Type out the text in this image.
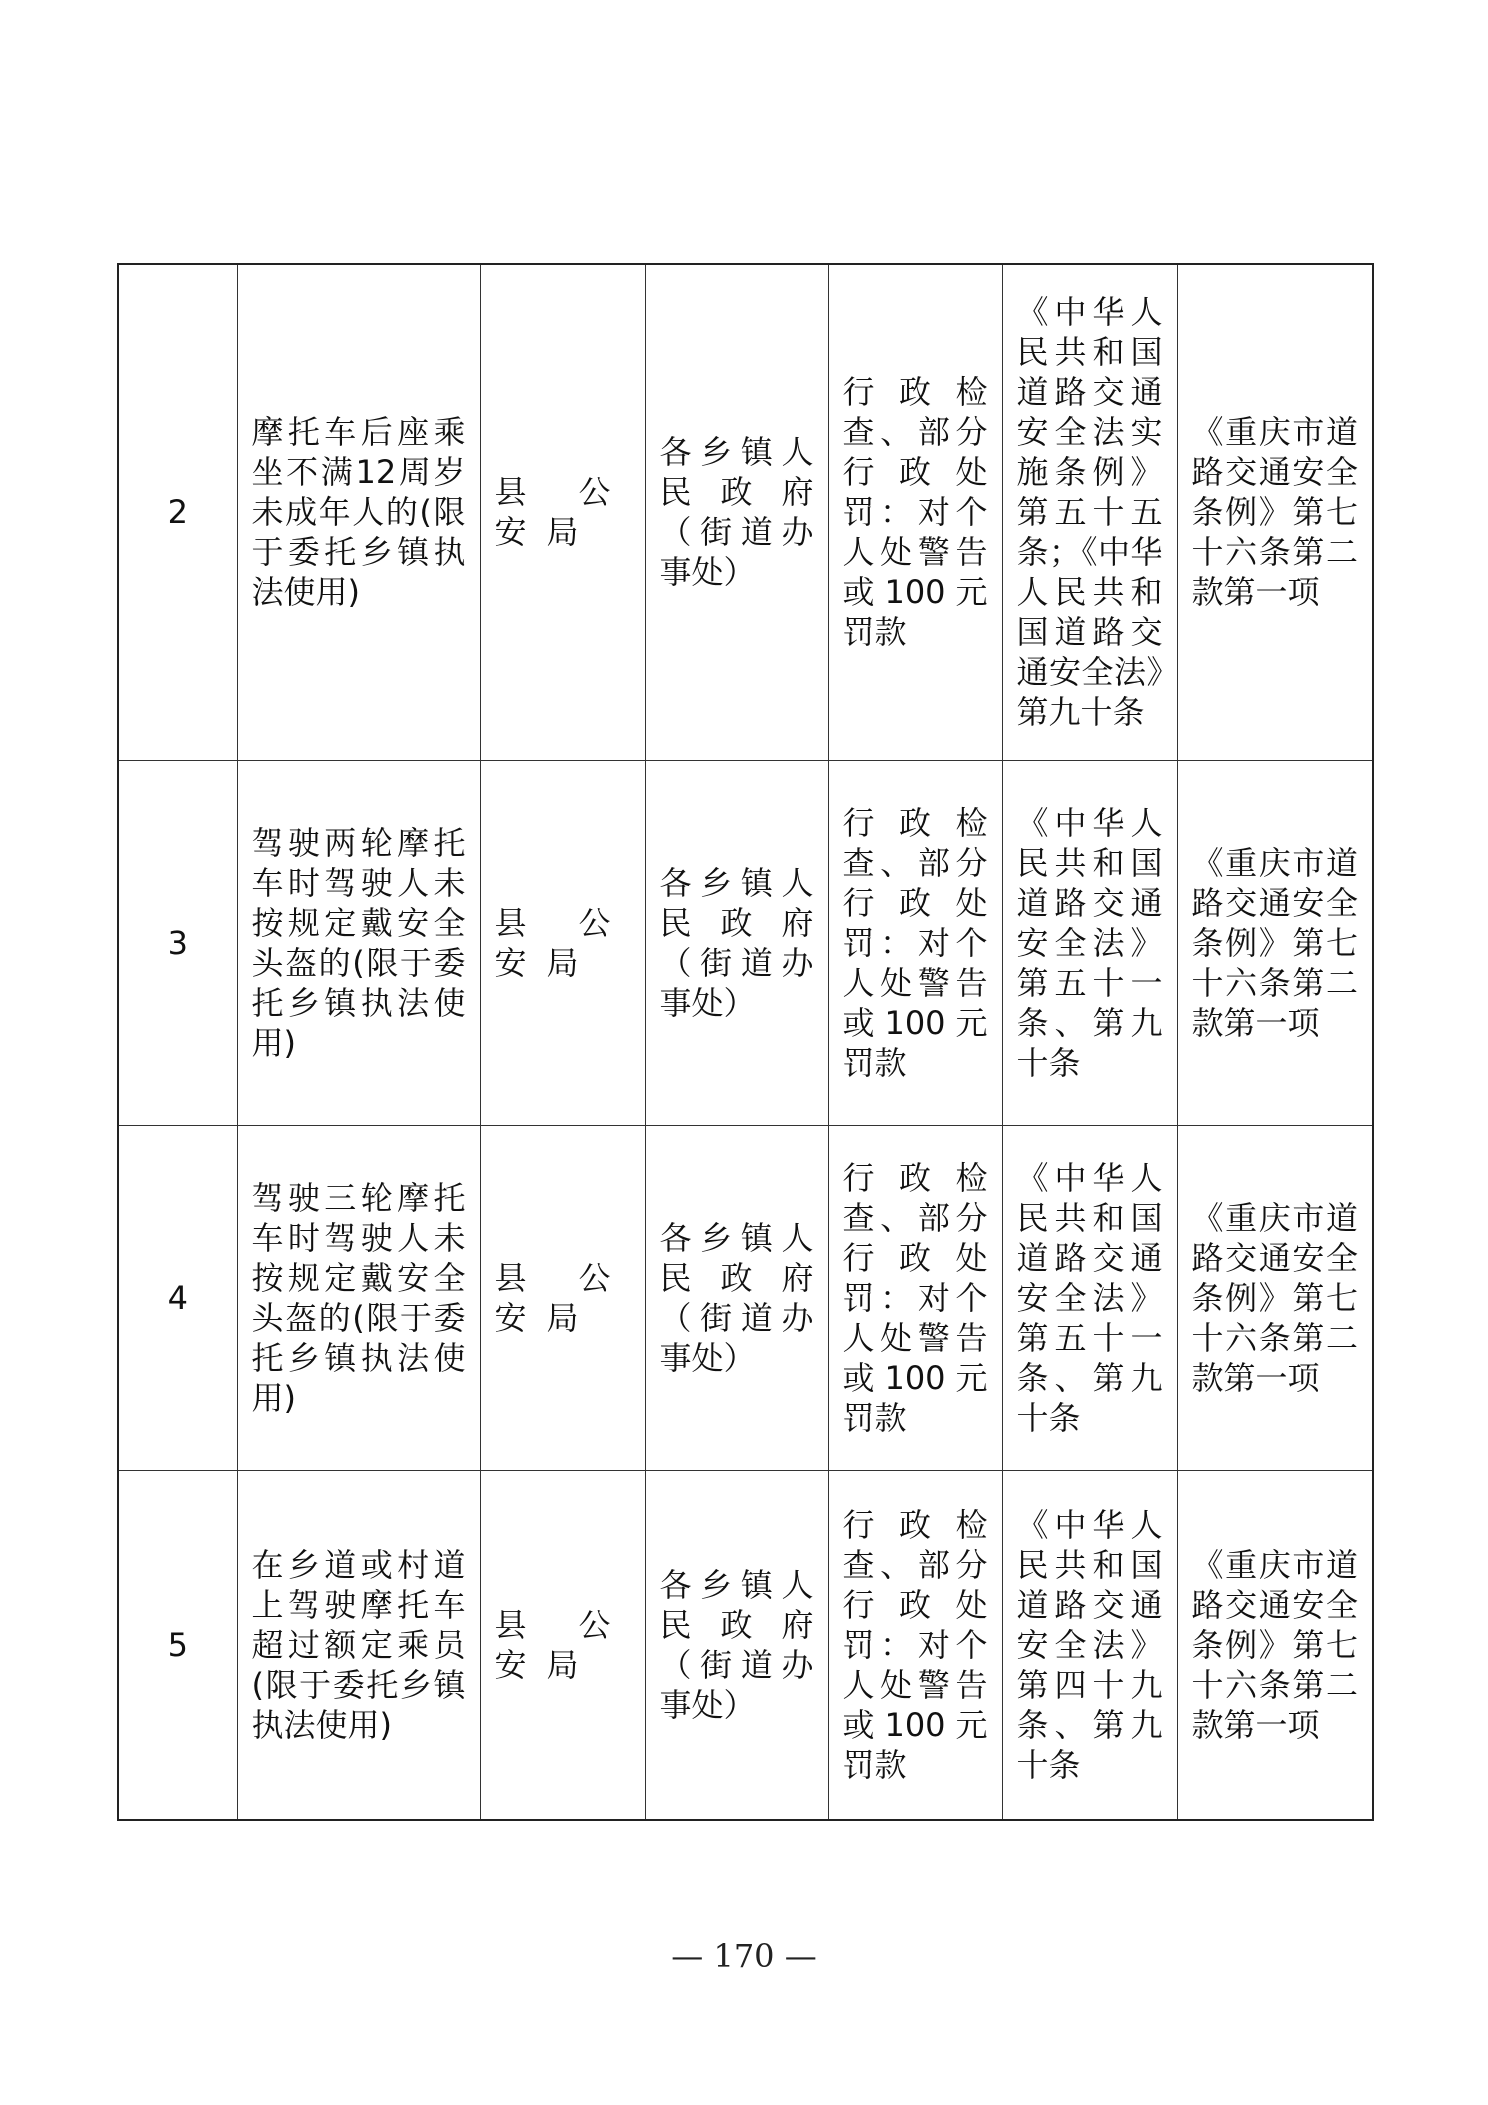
2	摩托车后座乘坐不满12周岁未成年人的(限于委托乡镇执法使用)	县公安局	各乡镇人民政府（街道办事处）	行政检查、部分行政处罚：对个人处警告或100元罚款	《中华人民共和国道路交通安全法实施条例》第五十五条；《中华人民共和国道路交通安全法》第九十条	《重庆市道路交通安全条例》第七十六条第二款第一项

3	驾驶两轮摩托车时驾驶人未按规定戴安全头盔的(限于委托乡镇执法使用)	县公安局	各乡镇人民政府（街道办事处）	行政检查、部分行政处罚：对个人处警告或100元罚款	《中华人民共和国道路交通安全法》第五十一条、第九十条	《重庆市道路交通安全条例》第七十六条第二款第一项

4	驾驶三轮摩托车时驾驶人未按规定戴安全头盔的(限于委托乡镇执法使用)	县公安局	各乡镇人民政府（街道办事处）	行政检查、部分行政处罚：对个人处警告或100元罚款	《中华人民共和国道路交通安全法》第五十一条、第九十条	《重庆市道路交通安全条例》第七十六条第二款第一项

5	在乡道或村道上驾驶摩托车超过额定乘员(限于委托乡镇执法使用)	县公安局	各乡镇人民政府（街道办事处）	行政检查、部分行政处罚：对个人处警告或100元罚款	《中华人民共和国道路交通安全法》第四十九条、第九十条	《重庆市道路交通安全条例》第七十六条第二款第一项
— 170 —
